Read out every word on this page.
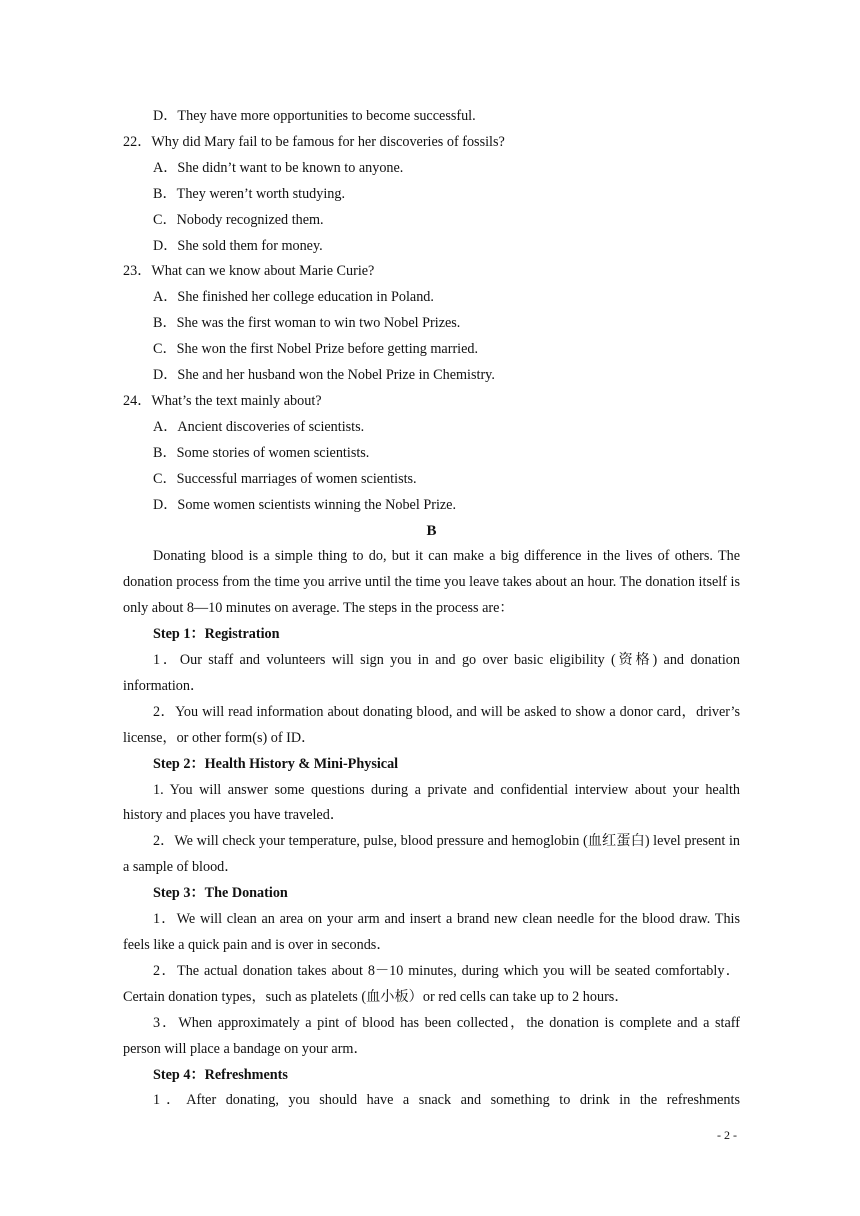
D．They have more opportunities to become successful.
22．Why did Mary fail to be famous for her discoveries of fossils?
A．She didn’t want to be known to anyone.
B．They weren’t worth studying.
C．Nobody recognized them.
D．She sold them for money.
23．What can we know about Marie Curie?
A．She finished her college education in Poland.
B．She was the first woman to win two Nobel Prizes.
C．She won the first Nobel Prize before getting married.
D．She and her husband won the Nobel Prize in Chemistry.
24．What’s the text mainly about?
A．Ancient discoveries of scientists.
B．Some stories of women scientists.
C．Successful marriages of women scientists.
D．Some women scientists winning the Nobel Prize.
B
Donating blood is a simple thing to do, but it can make a big difference in the lives of others. The donation process from the time you arrive until the time you leave takes about an hour. The donation itself is only about 8—10 minutes on average. The steps in the process are：
Step 1：Registration
1．Our staff and volunteers will sign you in and go over basic eligibility (资格) and donation information．
2．You will read information about donating blood, and will be asked to show a donor card，driver’s license，or other form(s) of ID．
Step 2：Health History & Mini-Physical
1. You will answer some questions during a private and confidential interview about your health history and places you have traveled．
2．We will check your temperature, pulse, blood pressure and hemoglobin (血红蛋白) level present in a sample of blood．
Step 3：The Donation
1．We will clean an area on your arm and insert a brand new clean needle for the blood draw. This feels like a quick pain and is over in seconds．
2．The actual donation takes about 8－10 minutes, during which you will be seated comfortably．Certain donation types，such as platelets (血小板）or red cells can take up to 2 hours．
3．When approximately a pint of blood has been collected，the donation is complete and a staff person will place a bandage on your arm．
Step 4：Refreshments
1．After donating, you should have a snack and something to drink in the refreshments
- 2 -
